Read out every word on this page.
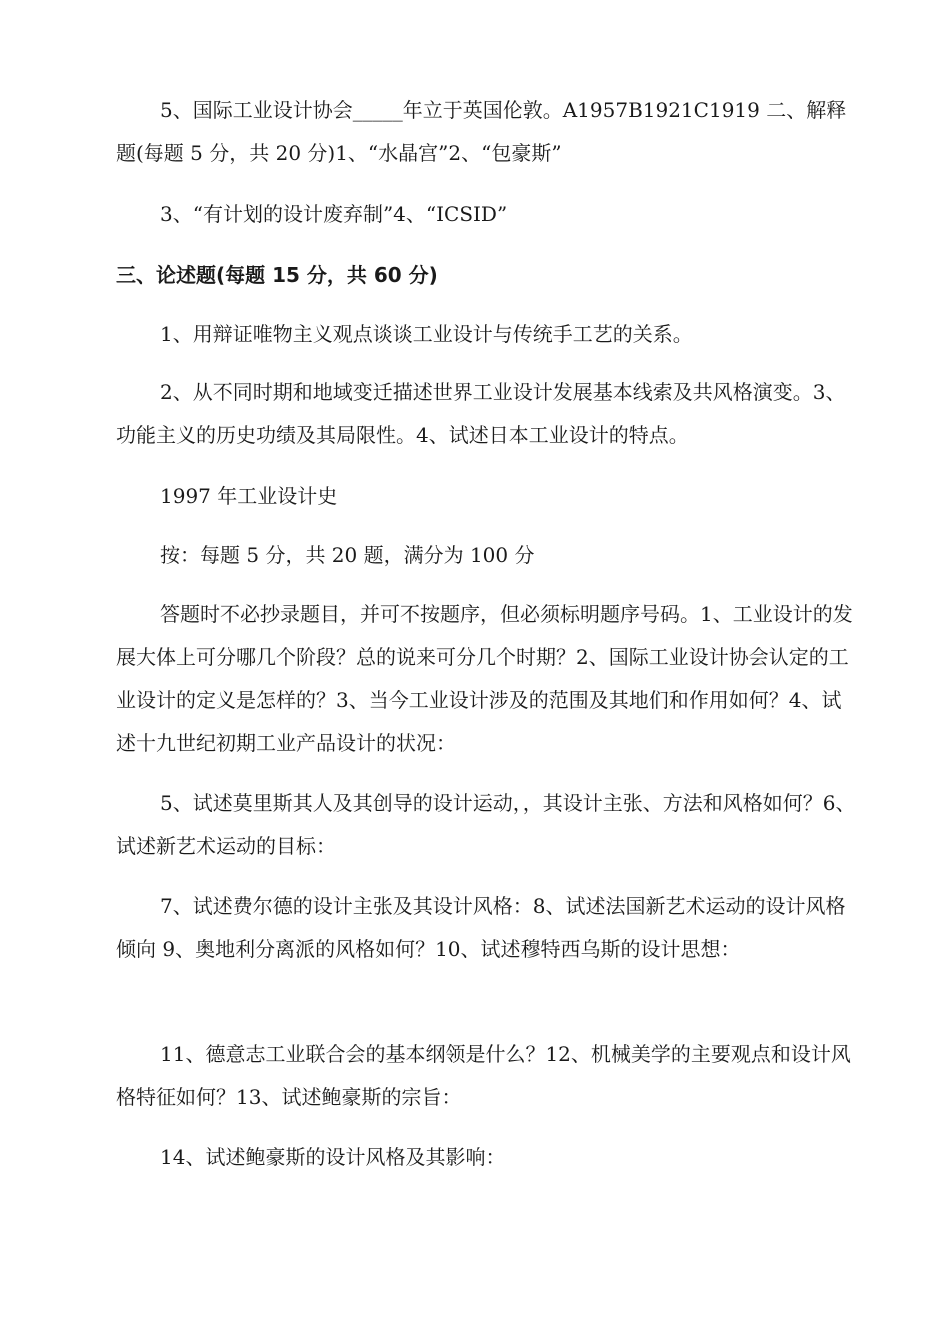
5、国际工业设计协会_____年立于英国伦敦。A1957B1921C1919 二、解释题(每题 5 分，共 20 分)1、“水晶宫”2、“包豪斯”

3、“有计划的设计废弃制”4、“ICSID”

三、论述题(每题 15 分，共 60 分)

1、用辩证唯物主义观点谈谈工业设计与传统手工艺的关系。

2、从不同时期和地域变迁描述世界工业设计发展基本线索及共风格演变。3、功能主义的历史功绩及其局限性。4、试述日本工业设计的特点。

1997 年工业设计史

按：每题 5 分，共 20 题，满分为 100 分

答题时不必抄录题目，并可不按题序，但必须标明题序号码。1、工业设计的发展大体上可分哪几个阶段？总的说来可分几个时期？2、国际工业设计协会认定的工业设计的定义是怎样的？3、当今工业设计涉及的范围及其地们和作用如何？4、试述十九世纪初期工业产品设计的状况：

5、试述莫里斯其人及其创导的设计运动，，其设计主张、方法和风格如何？6、试述新艺术运动的目标：

7、试述费尔德的设计主张及其设计风格：8、试述法国新艺术运动的设计风格倾向 9、奥地利分离派的风格如何？10、试述穆特西乌斯的设计思想：

11、德意志工业联合会的基本纲领是什么？12、机械美学的主要观点和设计风格特征如何？13、试述鲍豪斯的宗旨：

14、试述鲍豪斯的设计风格及其影响：
